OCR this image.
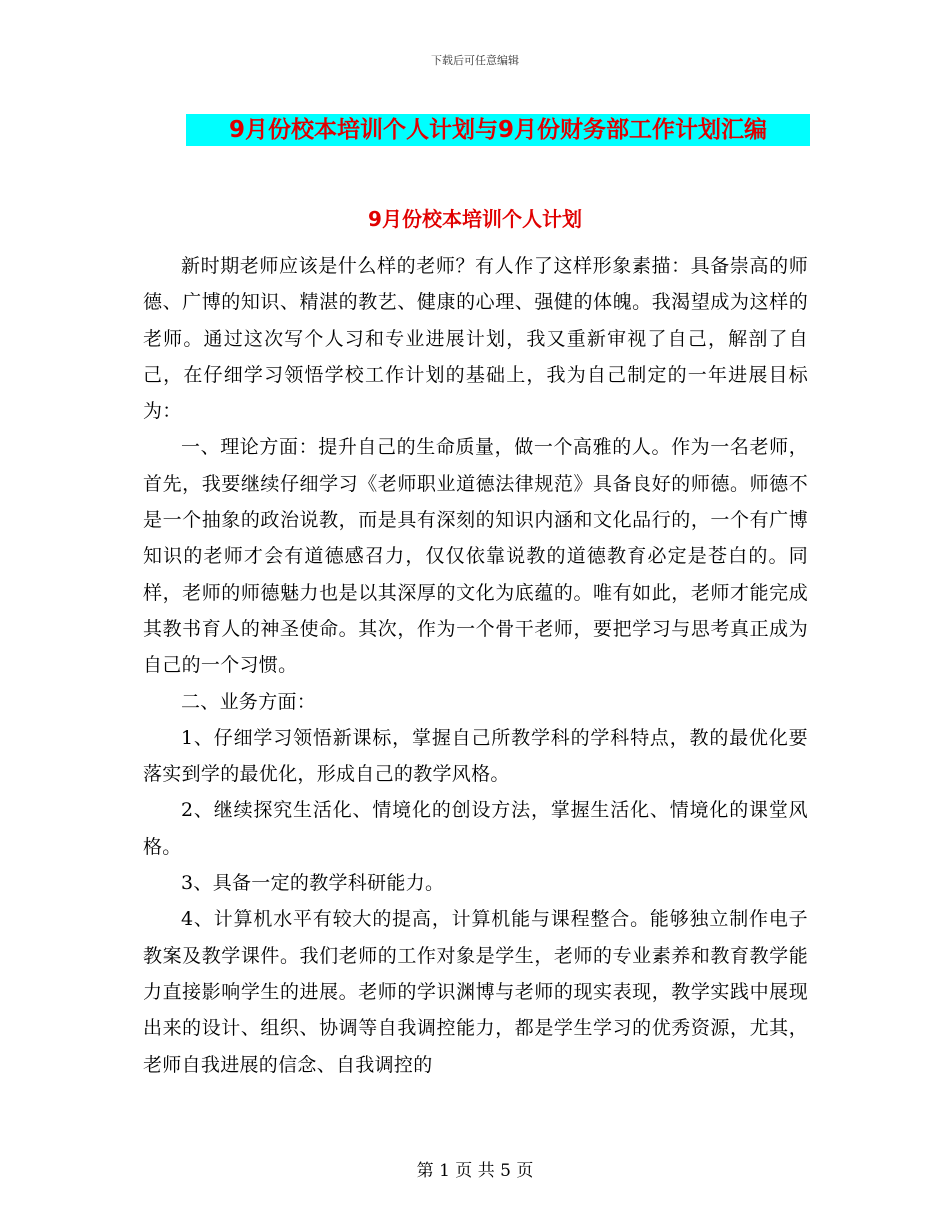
下载后可任意编辑
9月份校本培训个人计划与9月份财务部工作计划汇编
9月份校本培训个人计划

新时期老师应该是什么样的老师？有人作了这样形象素描：具备崇高的师德、广博的知识、精湛的教艺、健康的心理、强健的体魄。我渴望成为这样的老师。通过这次写个人习和专业进展计划，我又重新审视了自己，解剖了自己，在仔细学习领悟学校工作计划的基础上，我为自己制定的一年进展目标为：

一、理论方面：提升自己的生命质量，做一个高雅的人。作为一名老师，首先，我要继续仔细学习《老师职业道德法律规范》具备良好的师德。师德不是一个抽象的政治说教，而是具有深刻的知识内涵和文化品行的，一个有广博知识的老师才会有道德感召力，仅仅依靠说教的道德教育必定是苍白的。同样，老师的师德魅力也是以其深厚的文化为底蕴的。唯有如此，老师才能完成其教书育人的神圣使命。其次，作为一个骨干老师，要把学习与思考真正成为自己的一个习惯。

二、业务方面：

1、仔细学习领悟新课标，掌握自己所教学科的学科特点，教的最优化要落实到学的最优化，形成自己的教学风格。

2、继续探究生活化、情境化的创设方法，掌握生活化、情境化的课堂风格。

3、具备一定的教学科研能力。

4、计算机水平有较大的提高，计算机能与课程整合。能够独立制作电子教案及教学课件。我们老师的工作对象是学生，老师的专业素养和教育教学能力直接影响学生的进展。老师的学识渊博与老师的现实表现，教学实践中展现出来的设计、组织、协调等自我调控能力，都是学生学习的优秀资源，尤其，老师自我进展的信念、自我调控的

第 1 页 共 5 页
